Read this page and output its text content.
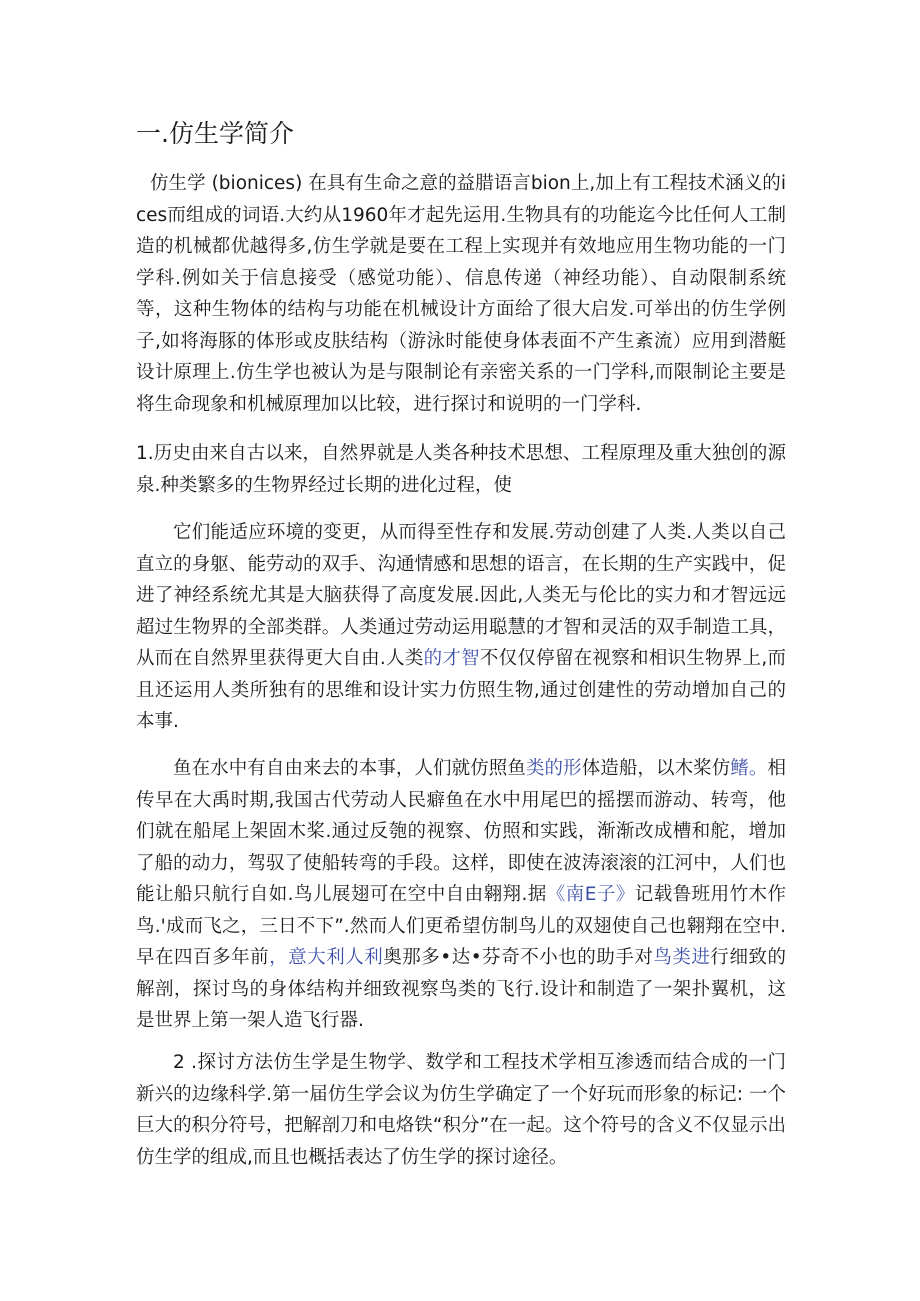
一.仿生学简介

仿生学 (bionices) 在具有生命之意的益腊语言bion上,加上有工程技术涵义的ices而组成的词语.大约从1960年才起先运用.生物具有的功能迄今比任何人工制造的机械都优越得多,仿生学就是要在工程上实现并有效地应用生物功能的一门学科.例如关于信息接受（感觉功能）、信息传递（神经功能）、自动限制系统等，这种生物体的结构与功能在机械设计方面给了很大启发.可举出的仿生学例子,如将海豚的体形或皮肤结构（游泳时能使身体表面不产生紊流）应用到潜艇设计原理上.仿生学也被认为是与限制论有亲密关系的一门学科,而限制论主要是将生命现象和机械原理加以比较，进行探讨和说明的一门学科.

1.历史由来自古以来，自然界就是人类各种技术思想、工程原理及重大独创的源泉.种类繁多的生物界经过长期的进化过程，使

它们能适应环境的变更，从而得至性存和发展.劳动创建了人类.人类以自己直立的身躯、能劳动的双手、沟通情感和思想的语言，在长期的生产实践中，促进了神经系统尤其是大脑获得了高度发展.因此,人类无与伦比的实力和才智远远超过生物界的全部类群。人类通过劳动运用聪慧的才智和灵活的双手制造工具，从而在自然界里获得更大自由.人类的才智不仅仅停留在视察和相识生物界上,而且还运用人类所独有的思维和设计实力仿照生物,通过创建性的劳动增加自己的本事.

鱼在水中有自由来去的本事，人们就仿照鱼类的形体造船，以木桨仿鳍。相传早在大禹时期,我国古代劳动人民癖鱼在水中用尾巴的摇摆而游动、转弯，他们就在船尾上架固木桨.通过反匏的视察、仿照和实践，渐渐改成槽和舵，增加了船的动力，驾驭了使船转弯的手段。这样，即使在波涛滚滚的江河中，人们也能让船只航行自如.鸟儿展翅可在空中自由翱翔.据《南E子》记载鲁班用竹木作鸟.'成而飞之，三日不下”.然而人们更希望仿制鸟儿的双翅使自己也翱翔在空中.早在四百多年前，意大利人利奥那多•达•芬奇不小也的助手对鸟类进行细致的解剖，探讨鸟的身体结构并细致视察鸟类的飞行.设计和制造了一架扑翼机，这是世界上第一架人造飞行器.

2 .探讨方法仿生学是生物学、数学和工程技术学相互渗透而结合成的一门新兴的边缘科学.第一届仿生学会议为仿生学确定了一个好玩而形象的标记: 一个巨大的积分符号，把解剖刀和电烙铁“积分”在一起。这个符号的含义不仅显示出仿生学的组成,而且也概括表达了仿生学的探讨途径。
